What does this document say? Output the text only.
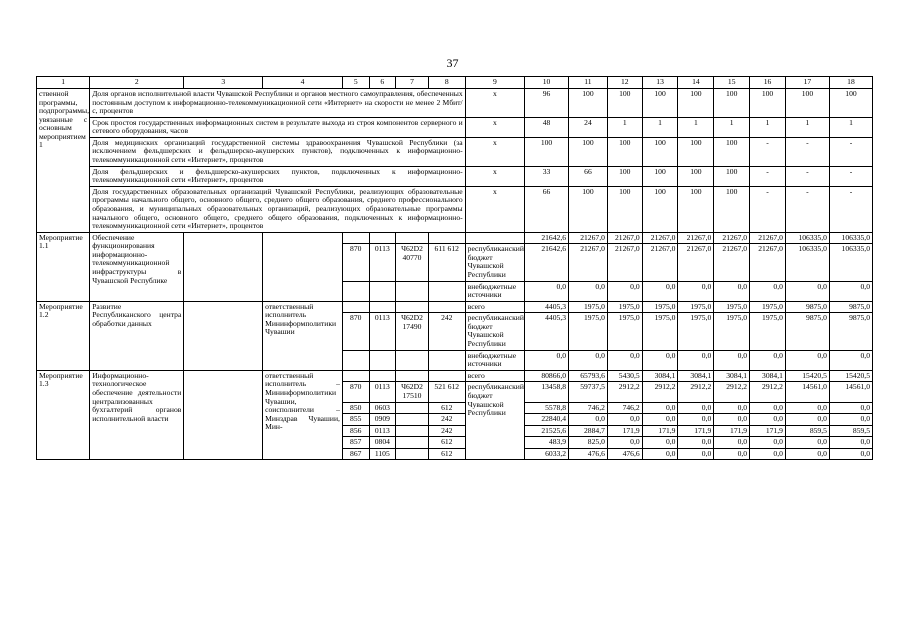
37
1	2	3	4	5	6	7	8	9	10	11	12	13	14	15	16	17	18
ственной программы, подпрограммы, увязанные с основным мероприятием 1	Доля органов исполнительной власти Чувашской Республики и органов местного самоуправления, обеспеченных постоянным доступом к информационно-телекоммуникационной сети «Интернет» на скорости не менее 2 Мбит/с, процентов							x	96	100	100	100	100	100	100	100	100
	Срок простоя государственных информационных систем в результате выхода из строя компонентов серверного и сетевого оборудования, часов							x	48	24	1	1	1	1	1	1	1
	Доля медицинских организаций государственной системы здравоохранения Чувашской Республики (за исключением фельдшерских и фельдшерско-акушерских пунктов), подключенных к информационно-телекоммуникационной сети «Интернет», процентов							x	100	100	100	100	100	100	-	-	-
	Доля фельдшерских и фельдшерско-акушерских пунктов, подключенных к информационно-телекоммуникационной сети «Интернет», процентов							x	33	66	100	100	100	100	-	-	-
	Доля государственных образовательных организаций Чувашской Республики, реализующих образовательные программы начального общего, основного общего, среднего общего образования, среднего профессионального образования, и муниципальных образовательных организаций, реализующих образовательные программы начального общего, основного общего, среднего общего образования, подключенных к информационно-телекоммуникационной сети «Интернет», процентов							x	66	100	100	100	100	100	-	-	-
Мероприятие 1.1	Обеспечение функционирования информационно-телекоммуникационной инфраструктуры в Чувашской Республике								21642,6	21267,0	21267,0	21267,0	21267,0	21267,0	21267,0	106335,0	106335,0
				870	0113	Ч62D2 40770	611 612	республиканский бюджет Чувашской Республики	21642,6	21267,0	21267,0	21267,0	21267,0	21267,0	21267,0	106335,0	106335,0
								внебюджетные источники	0,0	0,0	0,0	0,0	0,0	0,0	0,0	0,0	0,0
Мероприятие 1.2	Развитие Республиканского центра обработки данных		ответственный исполнитель Мининформполитики Чувашии					всего	4405,3	1975,0	1975,0	1975,0	1975,0	1975,0	1975,0	9875,0	9875,0
				870	0113	Ч62D2 17490	242	республиканский бюджет Чувашской Республики	4405,3	1975,0	1975,0	1975,0	1975,0	1975,0	1975,0	9875,0	9875,0
								внебюджетные источники	0,0	0,0	0,0	0,0	0,0	0,0	0,0	0,0	0,0
Мероприятие 1.3	Информационно-технологическое обеспечение деятельности централизованных бухгалтерий органов исполнительной власти		ответственный исполнитель – Мининформполитики Чувашии, соисполнители – Минздрав Чувашии, Мин-					всего	80866,0	65793,6	5430,5	3084,1	3084,1	3084,1	3084,1	15420,5	15420,5
				870	0113	Ч62D2 17510	521 612	республиканский бюджет Чувашской Республики	13458,8	59737,5	2912,2	2912,2	2912,2	2912,2	2912,2	14561,0	14561,0
				850	0603		612		5578,8	746,2	746,2	0,0	0,0	0,0	0,0	0,0	0,0
				855	0909		242		22840,4	0,0	0,0	0,0	0,0	0,0	0,0	0,0	0,0
				856	0113		242		21525,6	2884,7	171,9	171,9	171,9	171,9	171,9	859,5	859,5
				857	0804		612		483,9	825,0	0,0	0,0	0,0	0,0	0,0	0,0	0,0
				867	1105		612		6033,2	476,6	476,6	0,0	0,0	0,0	0,0	0,0	0,0
